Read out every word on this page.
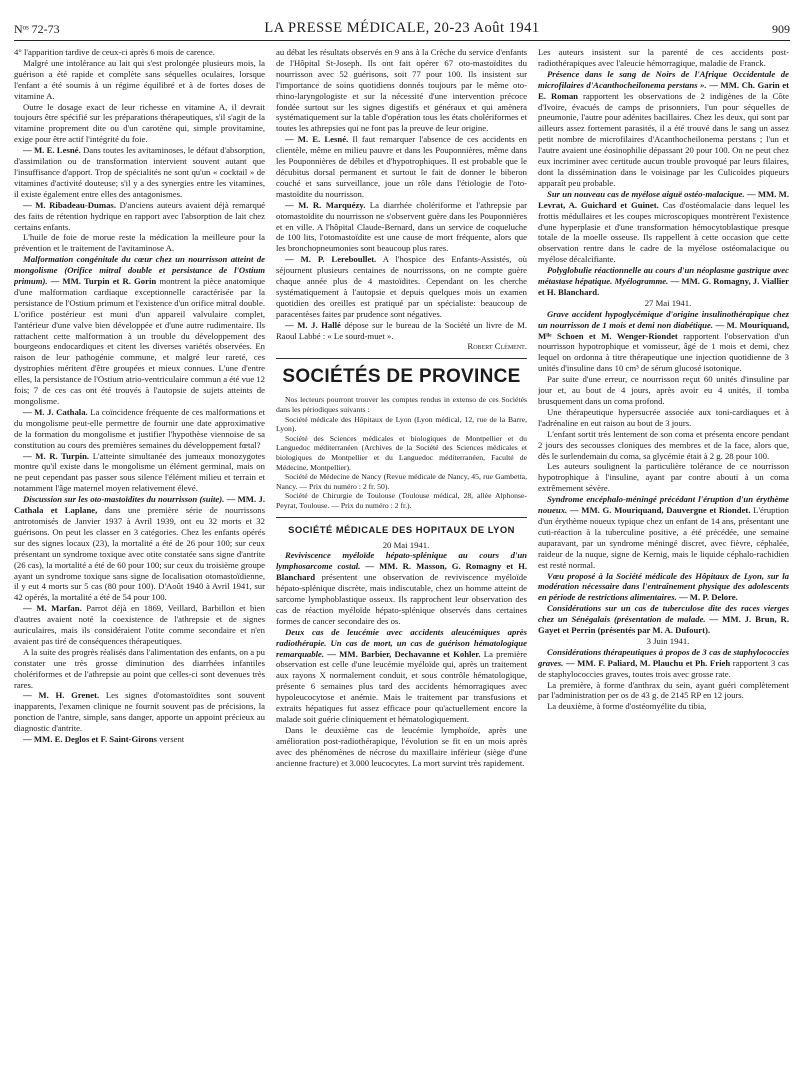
Nᵒˢ 72-73	LA PRESSE MÉDICALE, 20-23 Août 1941	909

4° l'apparition tardive de ceux-ci après 6 mois de carence.

Malgré une intolérance au lait qui s'est prolongée plusieurs mois, la guérison a été rapide et complète sans séquelles oculaires, lorsque l'enfant a été soumis à un régime équilibré et à de fortes doses de vitamine A.

Outre le dosage exact de leur richesse en vitamine A, il devrait toujours être spécifié sur les préparations thérapeutiques, s'il s'agit de la vitamine proprement dite ou d'un carotène qui, simple provitamine, exige pour être actif l'intégrité du foie.

— M. E. Lesné. Dans toutes les avitaminoses, le défaut d'absorption, d'assimilation ou de transformation intervient souvent autant que l'insuffisance d'apport. Trop de spécialités ne sont qu'un « cocktail » de vitamines d'activité douteuse; s'il y a des synergies entre les vitamines, il existe également entre elles des antagonismes.

— M. Ribadeau-Dumas. D'anciens auteurs avaient déjà remarqué des faits de rétention hydrique en rapport avec l'absorption de lait chez certains enfants.

L'huile de foie de morue reste la médication la meilleure pour la prévention et le traitement de l'avitaminose A.

Malformation congénitale du cœur chez un nourrisson atteint de mongolisme (Orifice mitral double et persistance de l'Ostium primum). — MM. Turpin et R. Gorin montrent la pièce anatomique d'une malformation cardiaque exceptionnelle caractérisée par la persistance de l'Ostium primum et l'existence d'un orifice mitral double. L'orifice postérieur est muni d'un appareil valvulaire complet, l'antérieur d'une valve bien développée et d'une autre rudimentaire. Ils rattachent cette malformation à un trouble du développement des bourgeons endocardiques et citent les diverses variétés observées. En raison de leur pathogénie commune, et malgré leur rareté, ces dystrophies méritent d'être groupées et mieux connues. L'une d'entre elles, la persistance de l'Ostium atrio-ventriculaire commun a été vue 12 fois; 7 de ces cas ont été trouvés à l'autopsie de sujets atteints de mongolisme.

— M. J. Cathala. La coïncidence fréquente de ces malformations et du mongolisme peut-elle permettre de fournir une date approximative de la formation du mongolisme et justifier l'hypothèse viennoise de sa constitution au cours des premières semaines du développement fœtal?

— M. R. Turpin. L'atteinte simultanée des jumeaux monozygotes montre qu'il existe dans le mongolisme un élément germinal, mais on ne peut cependant pas passer sous silence l'élément milieu et terrain et notamment l'âge maternel moyen relativement élevé.

Discussion sur les oto-mastoïdites du nourrisson (suite). — MM. J. Cathala et Laplane, dans une première série de nourrissons antrotomisés de Janvier 1937 à Avril 1939, ont eu 32 morts et 32 guérisons. On peut les classer en 3 catégories. Chez les enfants opérés sur des signes locaux (23), la mortalité a été de 26 pour 100; sur ceux présentant un syndrome toxique avec otite constatée sans signe d'antrite (26 cas), la mortalité a été de 60 pour 100; sur ceux du troisième groupe ayant un syndrome toxique sans signe de localisation otomastoïdienne, il y eut 4 morts sur 5 cas (80 pour 100). D'Août 1940 à Avril 1941, sur 42 opérés, la mortalité a été de 54 pour 100.

— M. Marfan. Parrot déjà en 1869, Veillard, Barbillon et bien d'autres avaient noté la coexistence de l'athrepsie et de signes auriculaires, mais ils considéraient l'otite comme secondaire et n'en avaient pas tiré de conséquences thérapeutiques.

A la suite des progrès réalisés dans l'alimentation des enfants, on a pu constater une très grosse diminution des diarrhées infantiles cholériformes et de l'athrepsie au point que celles-ci sont devenues très rares.

— M. H. Grenet. Les signes d'otomastoïdites sont souvent inapparents, l'examen clinique ne fournit souvent pas de précisions, la ponction de l'antre, simple, sans danger, apporte un appoint précieux au diagnostic d'antrite.

— MM. E. Deglos et F. Saint-Girons versent

au débat les résultats observés en 9 ans à la Crèche du service d'enfants de l'Hôpital St-Joseph. Ils ont fait opérer 67 oto-mastoïdites du nourrisson avec 52 guérisons, soit 77 pour 100. Ils insistent sur l'importance de soins quotidiens donnés toujours par le même oto-rhino-laryngologiste et sur la nécessité d'une intervention précoce fondée surtout sur les signes digestifs et généraux et qui amènera systématiquement sur la table d'opération tous les états cholériformes et toutes les athrepsies qui ne font pas la preuve de leur origine.

— M. E. Lesné. Il faut remarquer l'absence de ces accidents en clientèle, même en milieu pauvre et dans les Pouponnières, même dans les Pouponnières de débiles et d'hypotrophiques. Il est probable que le décubitus dorsal permanent et surtout le fait de donner le biberon couché et sans surveillance, joue un rôle dans l'étiologie de l'oto-mastoïdite du nourrisson.

— M. R. Marquézy. La diarrhée cholériforme et l'athrepsie par otomastoïdite du nourrisson ne s'observent guère dans les Pouponnières et en ville. A l'hôpital Claude-Bernard, dans un service de coqueluche de 100 lits, l'otomastoïdite est une cause de mort fréquente, alors que les bronchopneumonies sont beaucoup plus rares.

— M. P. Lereboullet. A l'hospice des Enfants-Assistés, où séjournent plusieurs centaines de nourrissons, on ne compte guère chaque année plus de 4 mastoïdites. Cependant on les cherche systématiquement à l'autopsie et depuis quelques mois un examen quotidien des oreilles est pratiqué par un spécialiste: beaucoup de paracentèses faites par prudence sont négatives.

— M. J. Hallé dépose sur le bureau de la Société un livre de M. Raoul Labbé : « Le sourd-muet ».

Robert Clément.

SOCIÉTÉS DE PROVINCE

Nos lecteurs pourront trouver les comptes rendus in extenso de ces Sociétés dans les périodiques suivants :

Société médicale des Hôpitaux de Lyon (Lyon médical, 12, rue de la Barre, Lyon).

Société des Sciences médicales et biologiques de Montpellier et du Languedoc méditerranéen (Archives de la Société des Sciences médicales et biologiques de Montpellier et du Languedoc méditerranéen, Faculté de Médecine, Montpellier).

Société de Médecine de Nancy (Revue médicale de Nancy, 45, rue Gambetta, Nancy. — Prix du numéro : 2 fr. 50).

Société de Chirurgie de Toulouse (Toulouse médical, 28, allée Alphonse-Peyrat, Toulouse. — Prix du numéro : 2 fr.).

SOCIÉTÉ MÉDICALE DES HOPITAUX DE LYON

20 Mai 1941.

Reviviscence myéloïde hépato-splénique au cours d'un lymphosarcome costal. — MM. R. Masson, G. Romagny et H. Blanchard présentent une observation de reviviscence myéloïde hépato-splénique discrète, mais indiscutable, chez un homme atteint de sarcome lymphoblastique osseux. Ils rapprochent leur observation des cas de réaction myéloïde hépato-splénique observés dans certaines formes de cancer secondaire des os.

Deux cas de leucémie avec accidents aleucémiques après radiothérapie. Un cas de mort, un cas de guérison hématologique remarquable. — MM. Barbier, Dechavanne et Kohler. La première observation est celle d'une leucémie myéloïde qui, après un traitement aux rayons X normalement conduit, et sous contrôle hématologique, présente 6 semaines plus tard des accidents hémorragiques avec hypoleucocytose et anémie. Mais le traitement par transfusions et extraits hépatiques fut assez efficace pour qu'actuellement encore la malade soit guérie cliniquement et hématologiquement.

Dans le deuxième cas de leucémie lymphoïde, après une amélioration post-radiothérapique, l'évolution se fit en un mois après avec des phénomènes de nécrose du maxillaire inférieur (siège d'une ancienne fracture) et 3.000 leucocytes. La mort survint très rapidement.

Les auteurs insistent sur la parenté de ces accidents post-radiothérapiques avec l'aleucie hémorragique, maladie de Franck.

Présence dans le sang de Noirs de l'Afrique Occidentale de microfilaires d'Acanthocheilonema perstans ». — MM. Ch. Garin et E. Roman rapportent les observations de 2 indigènes de la Côte d'Ivoire, évacués de camps de prisonniers, l'un pour séquelles de pneumonie, l'autre pour adénites bacillaires. Chez les deux, qui sont par ailleurs assez fortement parasités, il a été trouvé dans le sang un assez petit nombre de microfilaires d'Acanthocheilonema perstans ; l'un et l'autre avaient une éosinophilie dépassant 20 pour 100. On ne peut chez eux incriminer avec certitude aucun trouble provoqué par leurs filaires, dont la dissémination dans le voisinage par les Culicoïdes piqueurs apparaît peu probable.

Sur un nouveau cas de myélose aiguë ostéo-malacique. — MM. M. Levrat, A. Guichard et Guinet. Cas d'ostéomalacie dans lequel les frottis médullaires et les coupes microscopiques montrèrent l'existence d'une hyperplasie et d'une transformation hémocytoblastique presque totale de la moelle osseuse. Ils rappellent à cette occasion que cette observation rentre dans le cadre de la myélose ostéomalacique ou myélose décalcifiante.

Polyglobulie réactionnelle au cours d'un néoplasme gastrique avec métastase hépatique. Myélogramme. — MM. G. Romagny, J. Viallier et H. Blanchard.

27 Mai 1941.

Grave accident hypoglycémique d'origine insulinothérapique chez un nourrisson de 1 mois et demi non diabétique. — M. Mouriquand, Mˡˡᵉ Schoen et M. Wenger-Riondet rapportent l'observation d'un nourrisson hypotrophique et vomisseur, âgé de 1 mois et demi, chez lequel on ordonna à titre thérapeutique une injection quotidienne de 3 unités d'insuline dans 10 cm³ de sérum glucosé isotonique.

Par suite d'une erreur, ce nourrisson reçut 60 unités d'insuline par jour et, au bout de 4 jours, après avoir eu 4 unités, il tomba brusquement dans un coma profond.

Une thérapeutique hypersucrée associée aux toni-cardiaques et à l'adrénaline en eut raison au bout de 3 jours.

L'enfant sortit très lentement de son coma et présenta encore pendant 2 jours des secousses cloniques des membres et de la face, alors que, dès le surlendemain du coma, sa glycémie était à 2 g. 28 pour 100.

Les auteurs soulignent la particulière tolérance de ce nourrisson hypotrophique à l'insuline, ayant par contre abouti à un coma extrêmement sévère.

Syndrome encéphalo-méningé précédant l'éruption d'un érythème noueux. — MM. G. Mouriquand, Dauvergne et Riondet. L'éruption d'un érythème noueux typique chez un enfant de 14 ans, présentant une cuti-réaction à la tuberculine positive, a été précédée, une semaine auparavant, par un syndrome méningé discret, avec fièvre, céphalée, raideur de la nuque, signe de Kernig, mais le liquide céphalo-rachidien est resté normal.

Vœu proposé à la Société médicale des Hôpitaux de Lyon, sur la modération nécessaire dans l'entraînement physique des adolescents en période de restrictions alimentaires. — M. P. Delore.

Considérations sur un cas de tuberculose dite des races vierges chez un Sénégalais (présentation de malade. — MM. J. Brun, R. Gayet et Perrin (présentés par M. A. Dufourt).

3 Juin 1941.

Considérations thérapeutiques à propos de 3 cas de staphylococcies graves. — MM. F. Paliard, M. Plauchu et Ph. Frieh rapportent 3 cas de staphylococcies graves, toutes trois avec grosse rate.

La première, à forme d'anthrax du sein, ayant guéri complètement par l'administration per os de 43 g. de 2145 RP en 12 jours.

La deuxième, à forme d'ostéomyélite du tibia,
